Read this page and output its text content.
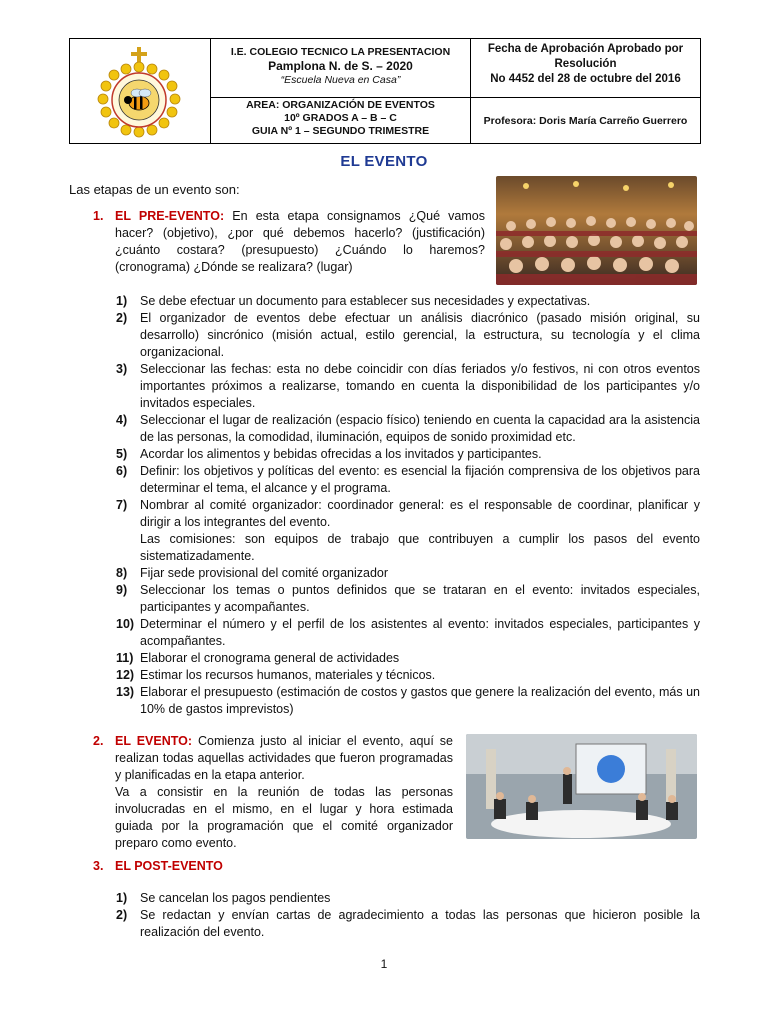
I.E. COLEGIO TECNICO LA PRESENTACION
Pamplona N. de S. – 2020
“Escuela Nueva en Casa”
Fecha de Aprobación Aprobado por Resolución
No 4452 del 28 de octubre del 2016
AREA: ORGANIZACIÓN DE EVENTOS
10º GRADOS A – B – C
GUIA Nº 1 – SEGUNDO TRIMESTRE
Profesora: Doris María Carreño Guerrero
EL EVENTO
Las etapas de un evento son:
1. EL PRE-EVENTO: En esta etapa consignamos ¿Qué vamos hacer? (objetivo), ¿por qué debemos hacerlo? (justificación) ¿cuánto costara? (presupuesto) ¿Cuándo lo haremos? (cronograma) ¿Dónde se realizara? (lugar)
1) Se debe efectuar un documento para establecer sus necesidades y expectativas.
2) El organizador de eventos debe efectuar un análisis diacrónico (pasado misión original, su desarrollo) sincrónico (misión actual, estilo gerencial, la estructura, su tecnología y el clima organizacional.
3) Seleccionar las fechas: esta no debe coincidir con días feriados y/o festivos, ni con otros eventos importantes próximos a realizarse, tomando en cuenta la disponibilidad de los participantes y/o invitados especiales.
4) Seleccionar el lugar de realización (espacio físico) teniendo en cuenta la capacidad ara la asistencia de las personas, la comodidad, iluminación, equipos de sonido proximidad etc.
5) Acordar los alimentos y bebidas ofrecidas a los invitados y participantes.
6) Definir: los objetivos y políticas del evento: es esencial la fijación comprensiva de los objetivos para determinar el tema, el alcance y el programa.
7) Nombrar al comité organizador: coordinador general: es el responsable de coordinar, planificar y dirigir a los integrantes del evento.
Las comisiones: son equipos de trabajo que contribuyen a cumplir los pasos del evento sistematizadamente.
8) Fijar sede provisional del comité organizador
9) Seleccionar los temas o puntos definidos que se trataran en el evento: invitados especiales, participantes y acompañantes.
10) Determinar el número y el perfil de los asistentes al evento: invitados especiales, participantes y acompañantes.
11) Elaborar el cronograma general de actividades
12) Estimar los recursos humanos, materiales y técnicos.
13) Elaborar el presupuesto (estimación de costos y gastos que genere la realización del evento, más un 10% de gastos imprevistos)
2. EL EVENTO: Comienza justo al iniciar el evento, aquí se realizan todas aquellas actividades que fueron programadas y planificadas en la etapa anterior.
Va a consistir en la reunión de todas las personas involucradas en el mismo, en el lugar y hora estimada guiada por la programación que el comité organizador preparo como evento.
3. EL POST-EVENTO
1) Se cancelan los pagos pendientes
2) Se redactan y envían cartas de agradecimiento a todas las personas que hicieron posible la realización del evento.
1
